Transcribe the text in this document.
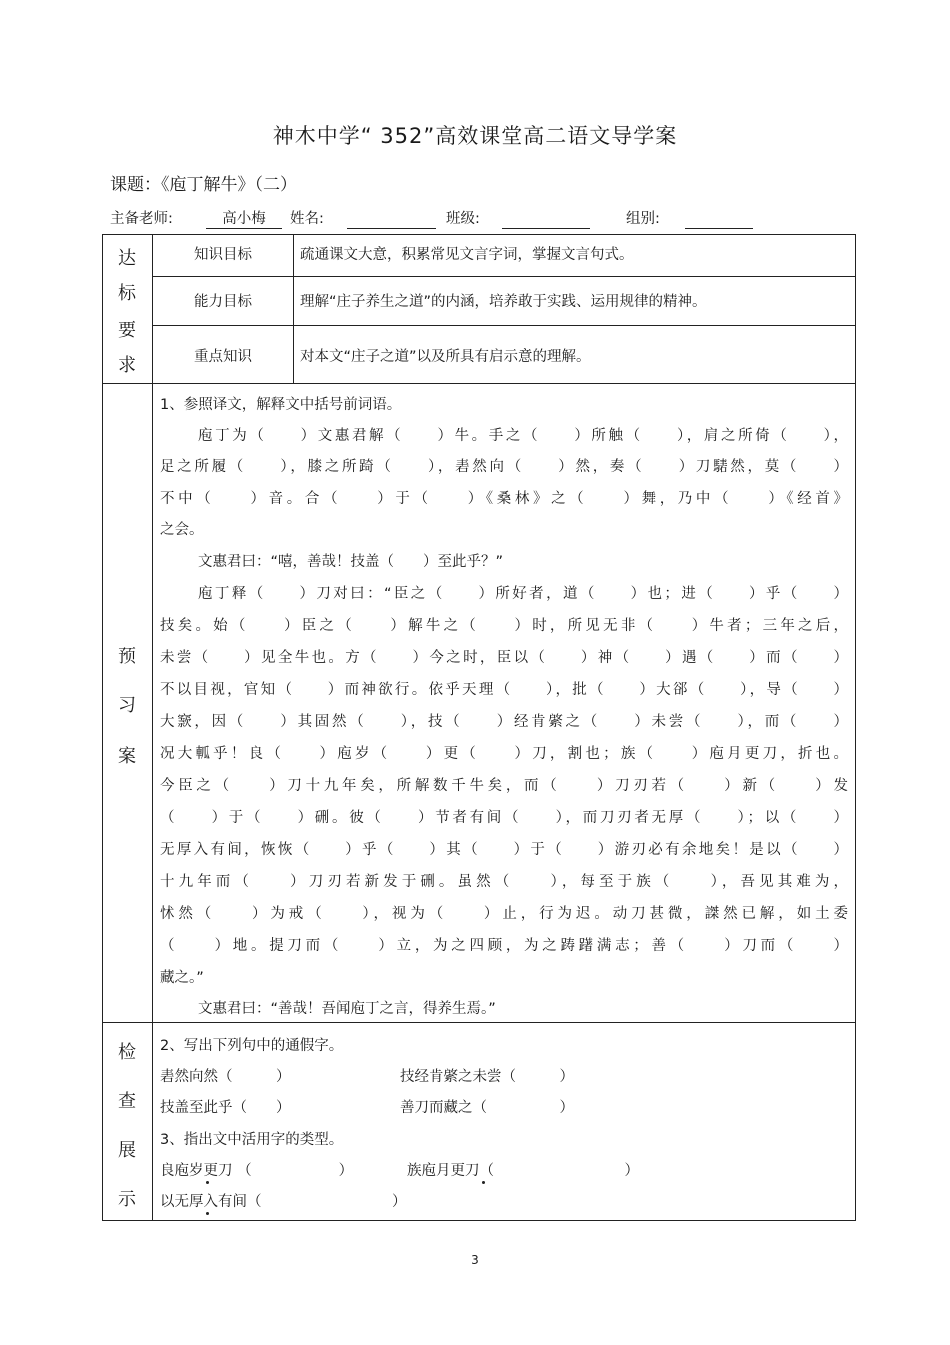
神木中学“ 352”高效课堂高二语文导学案
课题：《庖丁解牛》（二）
主备老师:	高小梅	姓名:	班级:	组别:
达
标
要
求
知识目标	疏通课文大意，积累常见文言字词，掌握文言句式。
能力目标	理解“庄子养生之道”的内涵，培养敢于实践、运用规律的精神。
重点知识	对本文“庄子之道”以及所具有启示意的理解。
预
习
案
1、参照译文，解释文中括号前词语。
庖丁为（　　）文惠君解（　　）牛。手之（　　）所触（　　），肩之所倚（　　），
足之所履（　　），膝之所踦（　　），砉然向（　　）然，奏（　　）刀騞然，莫（　　）
不中（　　）音。合（　　）于（　　）《桑林》之（　　）舞，乃中（　　）《经首》
之会。
文惠君曰：“嘻，善哉！技盖（　　）至此乎？”
庖丁释（　　）刀对曰：“臣之（　　）所好者，道（　　）也；进（　　）乎（　　）
技矣。始（　　）臣之（　　）解牛之（　　）时，所见无非（　　）牛者；三年之后，
未尝（　　）见全牛也。方（　　）今之时，臣以（　　）神（　　）遇（　　）而（　　）
不以目视，官知（　　）而神欲行。依乎天理（　　），批（　　）大郤（　　），导（　　）
大窾，因（　　）其固然（　　），技（　　）经肯綮之（　　）未尝（　　），而（　　）
况大軱乎！良（　　）庖岁（　　）更（　　）刀，割也；族（　　）庖月更刀，折也。
今臣之（　　）刀十九年矣，所解数千牛矣，而（　　）刀刃若（　　）新（　　）发
（　　）于（　　）硎。彼（　　）节者有间（　　），而刀刃者无厚（　　）；以（　　）
无厚入有间，恢恢（　　）乎（　　）其（　　）于（　　）游刃必有余地矣！是以（　　）
十九年而（　　）刀刃若新发于硎。虽然（　　），每至于族（　　），吾见其难为，
怵然（　　）为戒（　　），视为（　　）止，行为迟。动刀甚微，謋然已解，如土委
（　　）地。提刀而（　　）立，为之四顾，为之踌躇满志；善（　　）刀而（　　）
藏之。”
文惠君曰：“善哉！吾闻庖丁之言，得养生焉。”
检
查
展
示
2、写出下列句中的通假字。
砉然向然（　　　）	技经肯綮之未尝（　　　）
技盖至此乎（　　）	善刀而藏之（　　　　　）
3、指出文中活用字的类型。
良庖岁更刀 （　　　　　　）	族庖月更刀（　　　　　　　　　）
以无厚入有间（　　　　　　　　　）
3
